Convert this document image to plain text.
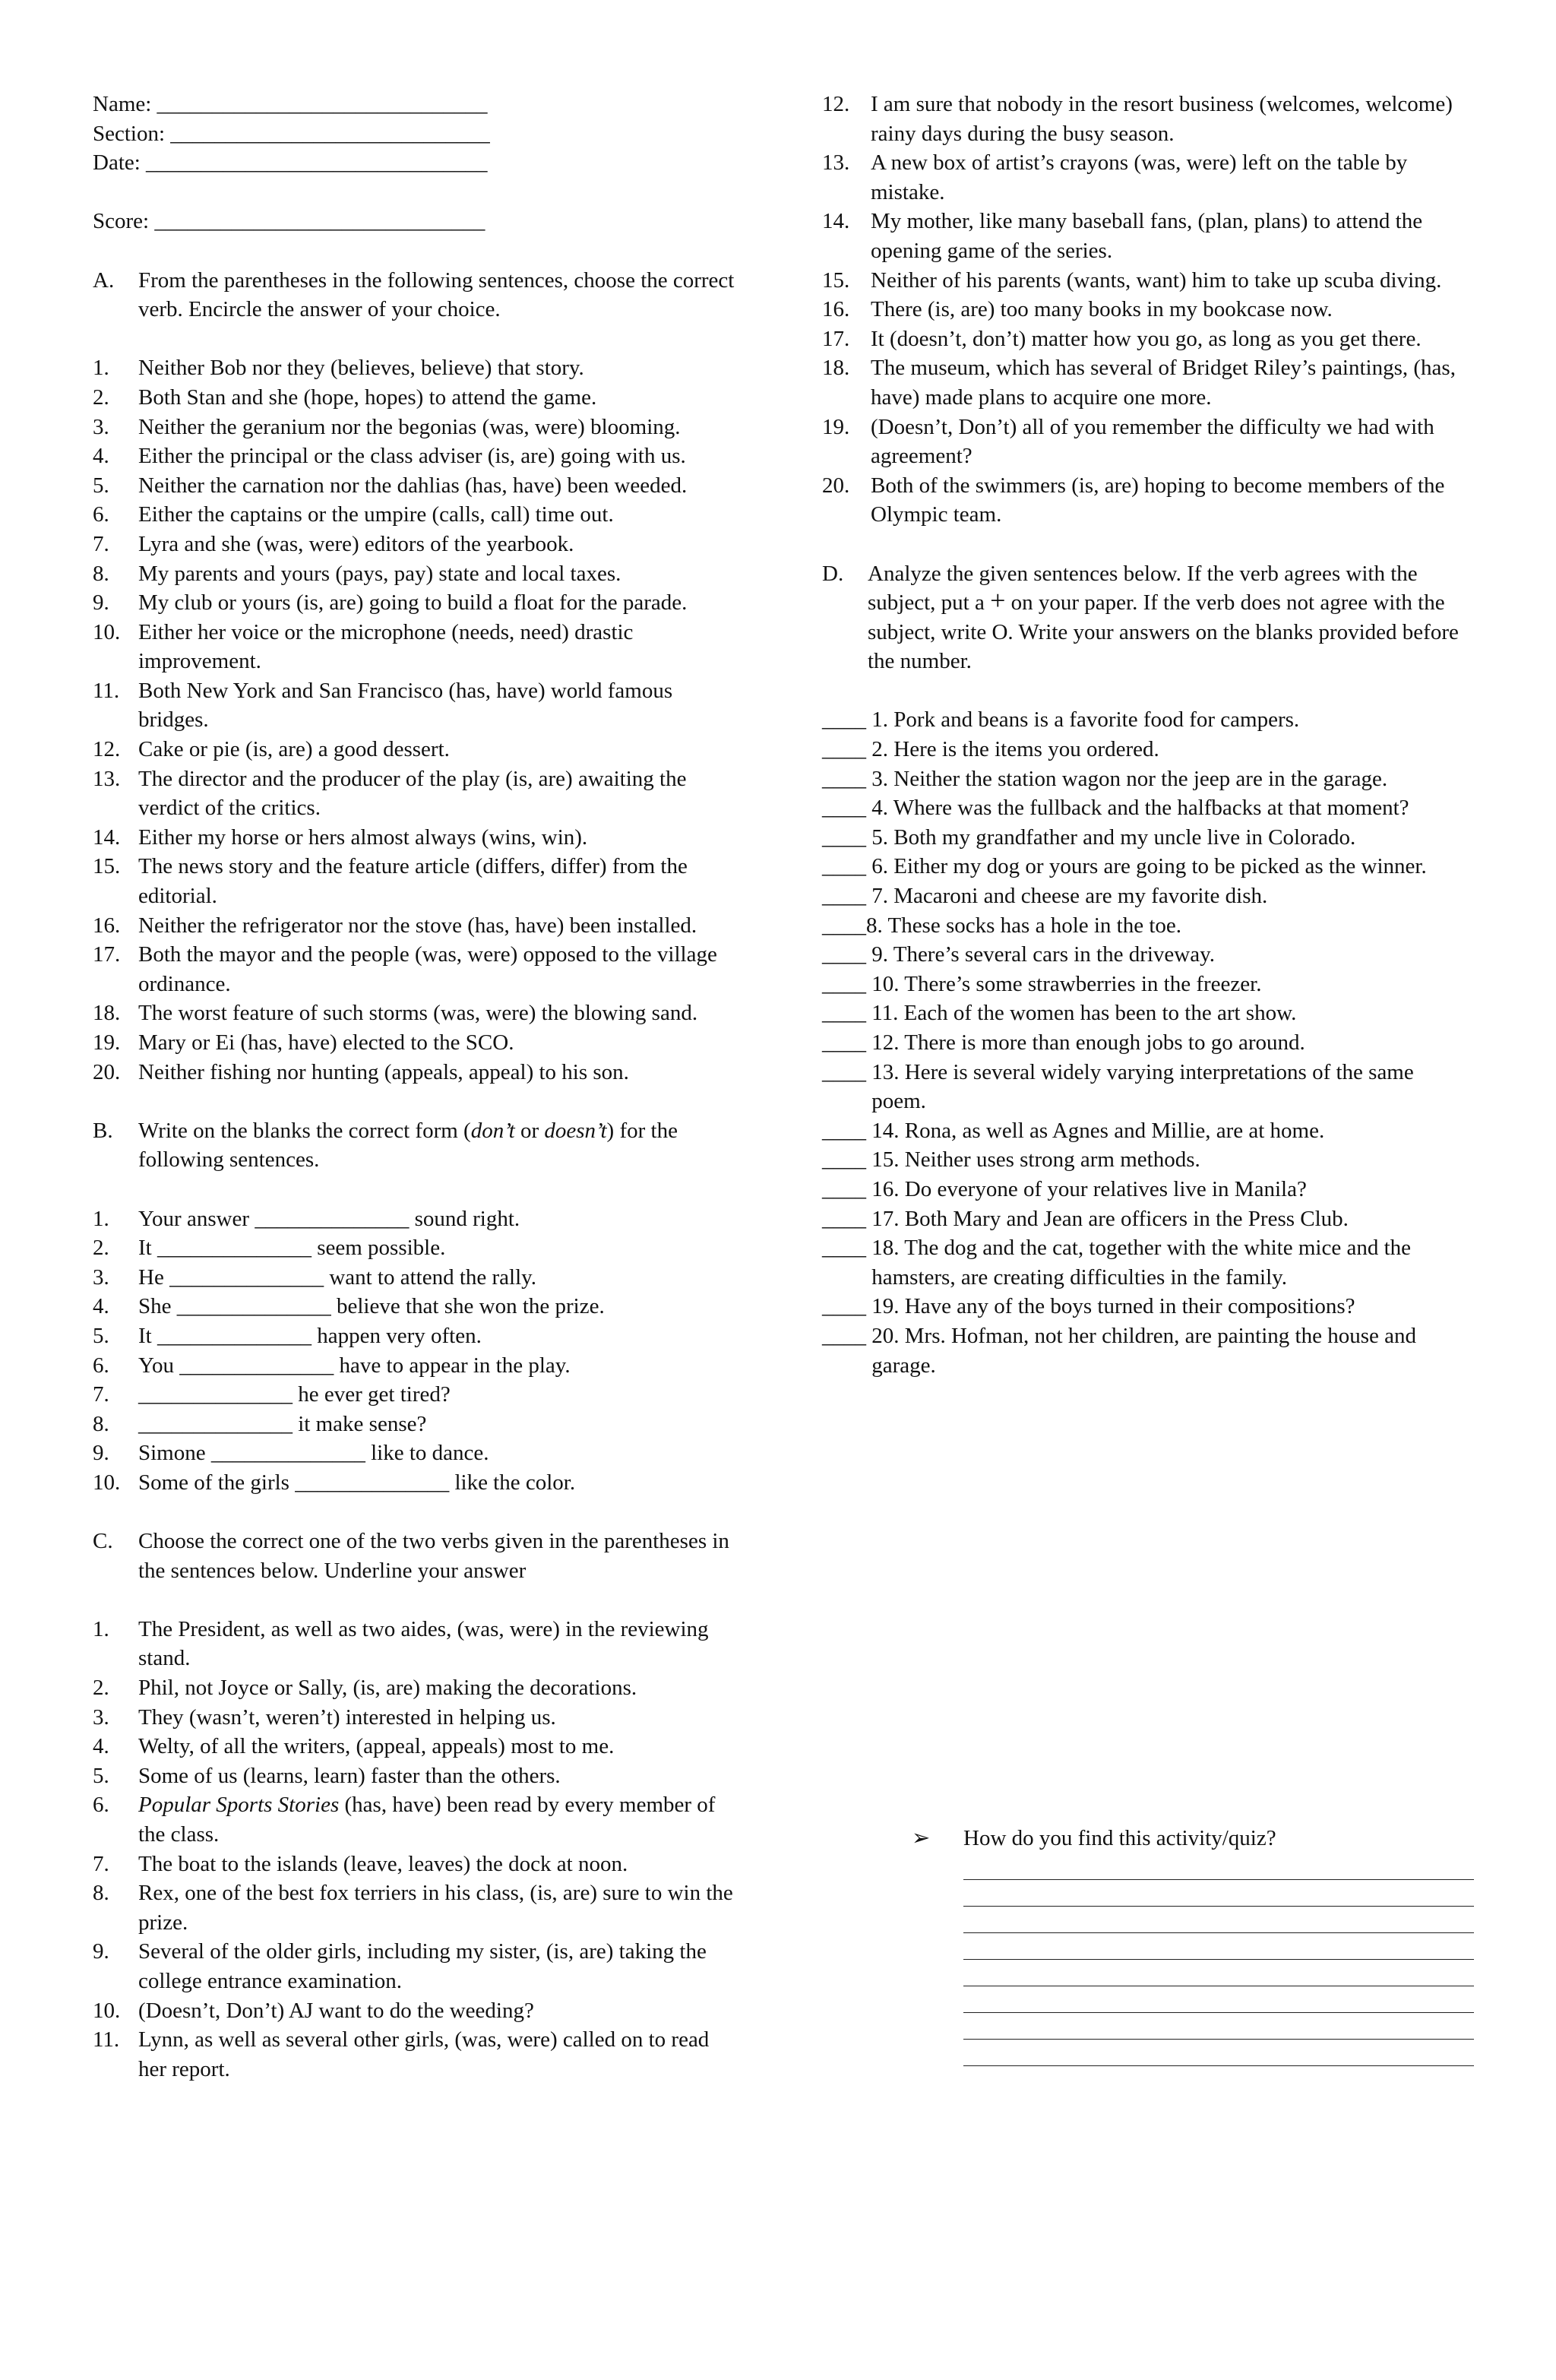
Name: ______________________________
Section: _____________________________
Date: _______________________________
Score: ______________________________
A.	From the parentheses in the following sentences, choose the correct verb. Encircle the answer of your choice.
1.	Neither Bob nor they (believes, believe) that story.
2.	Both Stan and she (hope, hopes) to attend the game.
3.	Neither the geranium nor the begonias (was, were) blooming.
4.	Either the principal or the class adviser (is, are) going with us.
5.	Neither the carnation nor the dahlias (has, have) been weeded.
6.	Either the captains or the umpire (calls, call) time out.
7.	Lyra and she (was, were) editors of the yearbook.
8.	My parents and yours (pays, pay) state and local taxes.
9.	My club or yours (is, are) going to build a float for the parade.
10. Either her voice or the microphone (needs, need) drastic improvement.
11. Both New York and San Francisco (has, have) world famous bridges.
12. Cake or pie (is, are) a good dessert.
13. The director and the producer of the play (is, are) awaiting the verdict of the critics.
14. Either my horse or hers almost always (wins, win).
15. The news story and the feature article (differs, differ) from the editorial.
16. Neither the refrigerator nor the stove (has, have) been installed.
17. Both the mayor and the people (was, were) opposed to the village ordinance.
18. The worst feature of such storms (was, were) the blowing sand.
19. Mary or Ei (has, have) elected to the SCO.
20. Neither fishing nor hunting (appeals, appeal) to his son.
B.	Write on the blanks the correct form (don’t or doesn’t) for the following sentences.
1.	Your answer ______________ sound right.
2.	It ______________ seem possible.
3.	He ______________ want to attend the rally.
4.	She ______________ believe that she won the prize.
5.	It ______________ happen very often.
6.	You ______________ have to appear in the play.
7.	______________ he ever get tired?
8.	______________ it make sense?
9.	Simone ______________ like to dance.
10. Some of the girls ______________ like the color.
C.	Choose the correct one of the two verbs given in the parentheses in the sentences below. Underline your answer
1.	The President, as well as two aides, (was, were) in the reviewing stand.
2.	Phil, not Joyce or Sally, (is, are) making the decorations.
3.	They (wasn’t, weren’t) interested in helping us.
4.	Welty, of all the writers, (appeal, appeals) most to me.
5.	Some of us (learns, learn) faster than the others.
6.	Popular Sports Stories (has, have) been read by every member of the class.
7.	The boat to the islands (leave, leaves) the dock at noon.
8.	Rex, one of the best fox terriers in his class, (is, are) sure to win the prize.
9.	Several of the older girls, including my sister, (is, are) taking the college entrance examination.
10. (Doesn’t, Don’t) AJ want to do the weeding?
11. Lynn, as well as several other girls, (was, were) called on to read her report.
12. I am sure that nobody in the resort business (welcomes, welcome) rainy days during the busy season.
13. A new box of artist’s crayons (was, were) left on the table by mistake.
14. My mother, like many baseball fans, (plan, plans) to attend the opening game of the series.
15. Neither of his parents (wants, want) him to take up scuba diving.
16. There (is, are) too many books in my bookcase now.
17. It (doesn’t, don’t) matter how you go, as long as you get there.
18. The museum, which has several of Bridget Riley’s paintings, (has, have) made plans to acquire one more.
19. (Doesn’t, Don’t) all of you remember the difficulty we had with agreement?
20. Both of the swimmers (is, are) hoping to become members of the Olympic team.
D.	Analyze the given sentences below. If the verb agrees with the subject, put a + on your paper. If the verb does not agree with the subject, write O. Write your answers on the blanks provided before the number.
____ 1. Pork and beans is a favorite food for campers.
____ 2. Here is the items you ordered.
____ 3. Neither the station wagon nor the jeep are in the garage.
____ 4. Where was the fullback and the halfbacks at that moment?
____ 5. Both my grandfather and my uncle live in Colorado.
____ 6. Either my dog or yours are going to be picked as the winner.
____ 7. Macaroni and cheese are my favorite dish.
____ 8. These socks has a hole in the toe.
____ 9. There’s several cars in the driveway.
____ 10. There’s some strawberries in the freezer.
____ 11. Each of the women has been to the art show.
____ 12. There is more than enough jobs to go around.
____ 13. Here is several widely varying interpretations of the same poem.
____ 14. Rona, as well as Agnes and Millie, are at home.
____ 15. Neither uses strong arm methods.
____ 16. Do everyone of your relatives live in Manila?
____ 17. Both Mary and Jean are officers in the Press Club.
____ 18. The dog and the cat, together with the white mice and the hamsters, are creating difficulties in the family.
____ 19. Have any of the boys turned in their compositions?
____ 20. Mrs. Hofman, not her children, are painting the house and garage.
➢	How do you find this activity/quiz?
